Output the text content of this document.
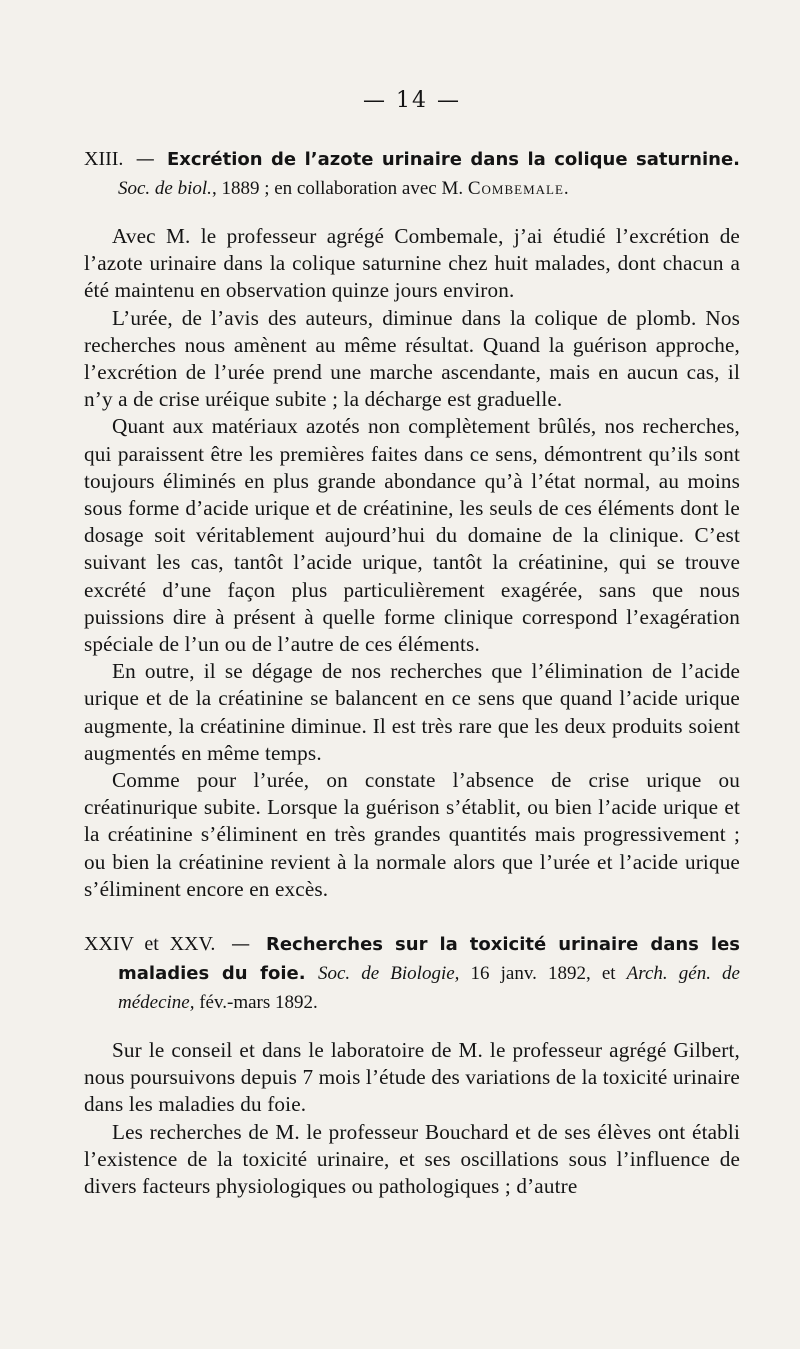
— 14 —
XIII. — Excrétion de l’azote urinaire dans la colique saturnine. Soc. de biol., 1889 ; en collaboration avec M. Combemale.

Avec M. le professeur agrégé Combemale, j’ai étudié l’excrétion de l’azote urinaire dans la colique saturnine chez huit malades, dont chacun a été maintenu en observation quinze jours environ.

L’urée, de l’avis des auteurs, diminue dans la colique de plomb. Nos recherches nous amènent au même résultat. Quand la guérison approche, l’excrétion de l’urée prend une marche ascendante, mais en aucun cas, il n’y a de crise uréique subite ; la décharge est graduelle.

Quant aux matériaux azotés non complètement brûlés, nos recherches, qui paraissent être les premières faites dans ce sens, démontrent qu’ils sont toujours éliminés en plus grande abondance qu’à l’état normal, au moins sous forme d’acide urique et de créatinine, les seuls de ces éléments dont le dosage soit véritablement aujourd’hui du domaine de la clinique. C’est suivant les cas, tantôt l’acide urique, tantôt la créatinine, qui se trouve excrété d’une façon plus particulièrement exagérée, sans que nous puissions dire à présent à quelle forme clinique correspond l’exagération spéciale de l’un ou de l’autre de ces éléments.

En outre, il se dégage de nos recherches que l’élimination de l’acide urique et de la créatinine se balancent en ce sens que quand l’acide urique augmente, la créatinine diminue. Il est très rare que les deux produits soient augmentés en même temps.

Comme pour l’urée, on constate l’absence de crise urique ou créatinurique subite. Lorsque la guérison s’établit, ou bien l’acide urique et la créatinine s’éliminent en très grandes quantités mais progressivement ; ou bien la créatinine revient à la normale alors que l’urée et l’acide urique s’éliminent encore en excès.

XXIV et XXV. — Recherches sur la toxicité urinaire dans les maladies du foie. Soc. de Biologie, 16 janv. 1892, et Arch. gén. de médecine, fév.-mars 1892.

Sur le conseil et dans le laboratoire de M. le professeur agrégé Gilbert, nous poursuivons depuis 7 mois l’étude des variations de la toxicité urinaire dans les maladies du foie.

Les recherches de M. le professeur Bouchard et de ses élèves ont établi l’existence de la toxicité urinaire, et ses oscillations sous l’influence de divers facteurs physiologiques ou pathologiques ; d’autre
